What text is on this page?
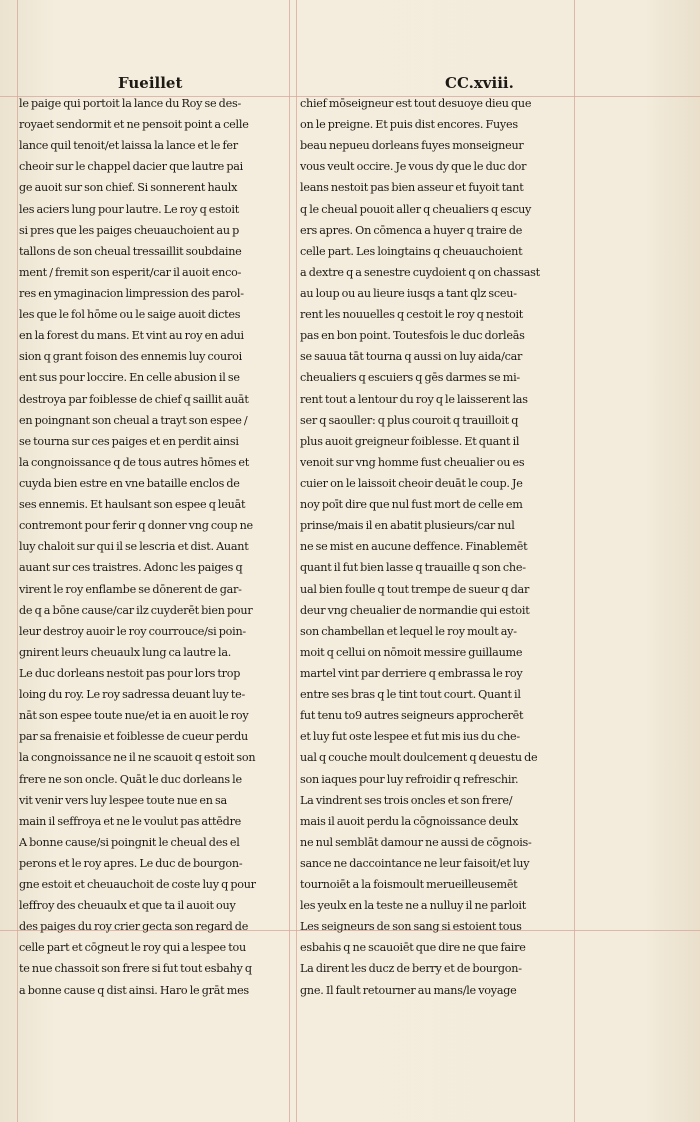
Fueillet	CC.xviii.
le paige qui portoit la lance du Roy se des-
royaet sendormit et ne pensoit point a celle
lance quil tenoit/et laissa la lance et le fer
cheoir sur le chappel dacier que lautre pai
ge auoit sur son chief. Si sonnerent haulx
les aciers lung pour lautre. Le roy q estoit
si pres que les paiges cheuauchoient au p
tallons de son cheual tressaillit soubdaine
ment / fremit son esperit/car il auoit enco-
res en ymaginacion limpression des parol-
les que le fol hōme ou le saige auoit dictes
en la forest du mans. Et vint au roy en adui
sion q grant foison des ennemis luy couroi
ent sus pour loccire. En celle abusion il se
destroya par foiblesse de chief q saillit auāt
en poingnant son cheual a trayt son espee /
se tourna sur ces paiges et en perdit ainsi
la congnoissance q de tous autres hōmes et
cuyda bien estre en vne bataille enclos de
ses ennemis. Et haulsant son espee q leuāt
contremont pour ferir q donner vng coup ne
luy chaloit sur qui il se lescria et dist. Auant
auant sur ces traistres. Adonc les paiges q
virent le roy enflambe se dōnerent de gar-
de q a bōne cause/car ilz cuyderēt bien pour
leur destroy auoir le roy courrouce/si poin-
gnirent leurs cheuaulx lung ca lautre la.
Le duc dorleans nestoit pas pour lors trop
loing du roy. Le roy sadressa deuant luy te-
nāt son espee toute nue/et ia en auoit le roy
par sa frenaisie et foiblesse de cueur perdu
la congnoissance ne il ne scauoit q estoit son
frere ne son oncle. Quāt le duc dorleans le
vit venir vers luy lespee toute nue en sa
main il seffroya et ne le voulut pas attēdre
A bonne cause/si poingnit le cheual des el
perons et le roy apres. Le duc de bourgon-
gne estoit et cheuauchoit de coste luy q pour
leffroy des cheuaulx et que ta il auoit ouy
des paiges du roy crier gecta son regard de
celle part et cōgneut le roy qui a lespee tou
te nue chassoit son frere si fut tout esbahy q
a bonne cause q dist ainsi. Haro le grāt mes
chief mōseigneur est tout desuoye dieu que
on le preigne. Et puis dist encores. Fuyes
beau nepueu dorleans fuyes monseigneur
vous veult occire. Je vous dy que le duc dor
leans nestoit pas bien asseur et fuyoit tant
q le cheual pouoit aller q cheualiers q escuy
ers apres. On cōmenca a huyer q traire de
celle part. Les loingtains q cheuauchoient
a dextre q a senestre cuydoient q on chassast
au loup ou au lieure iusqs a tant qlz sceu-
rent les nouuelles q cestoit le roy q nestoit
pas en bon point. Toutesfois le duc dorleās
se sauua tāt tourna q aussi on luy aida/car
cheualiers q escuiers q gēs darmes se mi-
rent tout a lentour du roy q le laisserent las
ser q saouller: q plus couroit q trauilloit q
plus auoit greigneur foiblesse. Et quant il
venoit sur vng homme fust cheualier ou es
cuier on le laissoit cheoir deuāt le coup. Je
noy poīt dire que nul fust mort de celle em
prinse/mais il en abatit plusieurs/car nul
ne se mist en aucune deffence. Finablemēt
quant il fut bien lasse q trauaille q son che-
ual bien foulle q tout trempe de sueur q dar
deur vng cheualier de normandie qui estoit
son chambellan et lequel le roy moult ay-
moit q cellui on nōmoit messire guillaume
martel vint par derriere q embrassa le roy
entre ses bras q le tint tout court. Quant il
fut tenu to9 autres seigneurs approcherēt
et luy fut oste lespee et fut mis ius du che-
ual q couche moult doulcement q deuestu de
son iaques pour luy refroidir q refreschir.
La vindrent ses trois oncles et son frere/
mais il auoit perdu la cōgnoissance deulx
ne nul semblāt damour ne aussi de cōgnois-
sance ne daccointance ne leur faisoit/et luy
tournoiēt a la foismoult merueilleusemēt
les yeulx en la teste ne a nulluy il ne parloit
Les seigneurs de son sang si estoient tous
esbahis q ne scauoiēt que dire ne que faire
La dirent les ducz de berry et de bourgon-
gne. Il fault retourner au mans/le voyage
